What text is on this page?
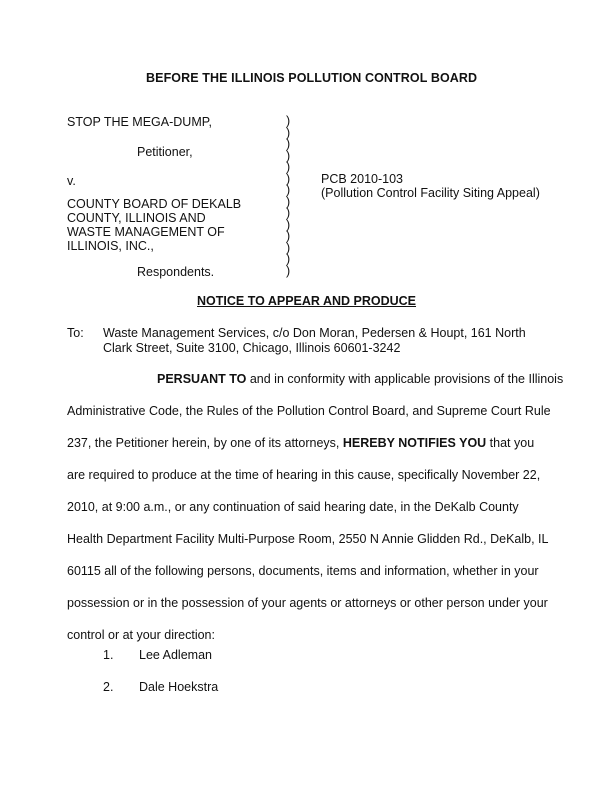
BEFORE THE ILLINOIS POLLUTION CONTROL BOARD
STOP THE MEGA-DUMP,
Petitioner,
v.
COUNTY BOARD OF DEKALB
COUNTY, ILLINOIS AND
WASTE MANAGEMENT OF
ILLINOIS, INC.,
Respondents.
)
)
)
)
)
)
)
)
)
)
)
)
)
)
PCB 2010-103
(Pollution Control Facility Siting Appeal)
NOTICE TO APPEAR AND PRODUCE
To: Waste Management Services, c/o Don Moran, Pedersen & Houpt, 161 North
Clark Street, Suite 3100, Chicago, Illinois 60601-3242
PERSUANT TO and in conformity with applicable provisions of the Illinois
Administrative Code, the Rules of the Pollution Control Board, and Supreme Court Rule
237, the Petitioner herein, by one of its attorneys, HEREBY NOTIFIES YOU that you
are required to produce at the time of hearing in this cause, specifically November 22,
2010, at 9:00 a.m., or any continuation of said hearing date, in the DeKalb County
Health Department Facility Multi-Purpose Room, 2550 N Annie Glidden Rd., DeKalb, IL
60115 all of the following persons, documents, items and information, whether in your
possession or in the possession of your agents or attorneys or other person under your
control or at your direction:
1. Lee Adleman
2. Dale Hoekstra
